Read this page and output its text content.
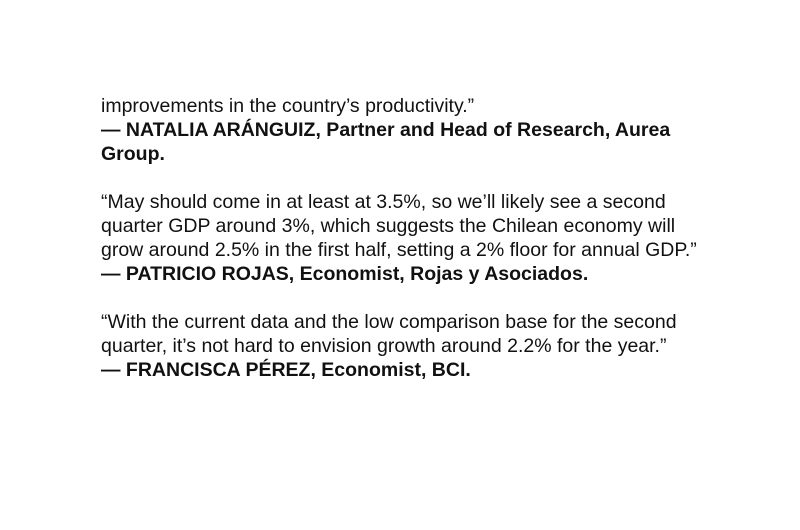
improvements in the country’s productivity.”

— NATALIA ARÁNGUIZ, Partner and Head of Research, Aurea Group.

“May should come in at least at 3.5%, so we’ll likely see a second quarter GDP around 3%, which suggests the Chilean economy will grow around 2.5% in the first half, setting a 2% floor for annual GDP.”

— PATRICIO ROJAS, Economist, Rojas y Asociados.

“With the current data and the low comparison base for the second quarter, it’s not hard to envision growth around 2.2% for the year.”

— FRANCISCA PÉREZ, Economist, BCI.
